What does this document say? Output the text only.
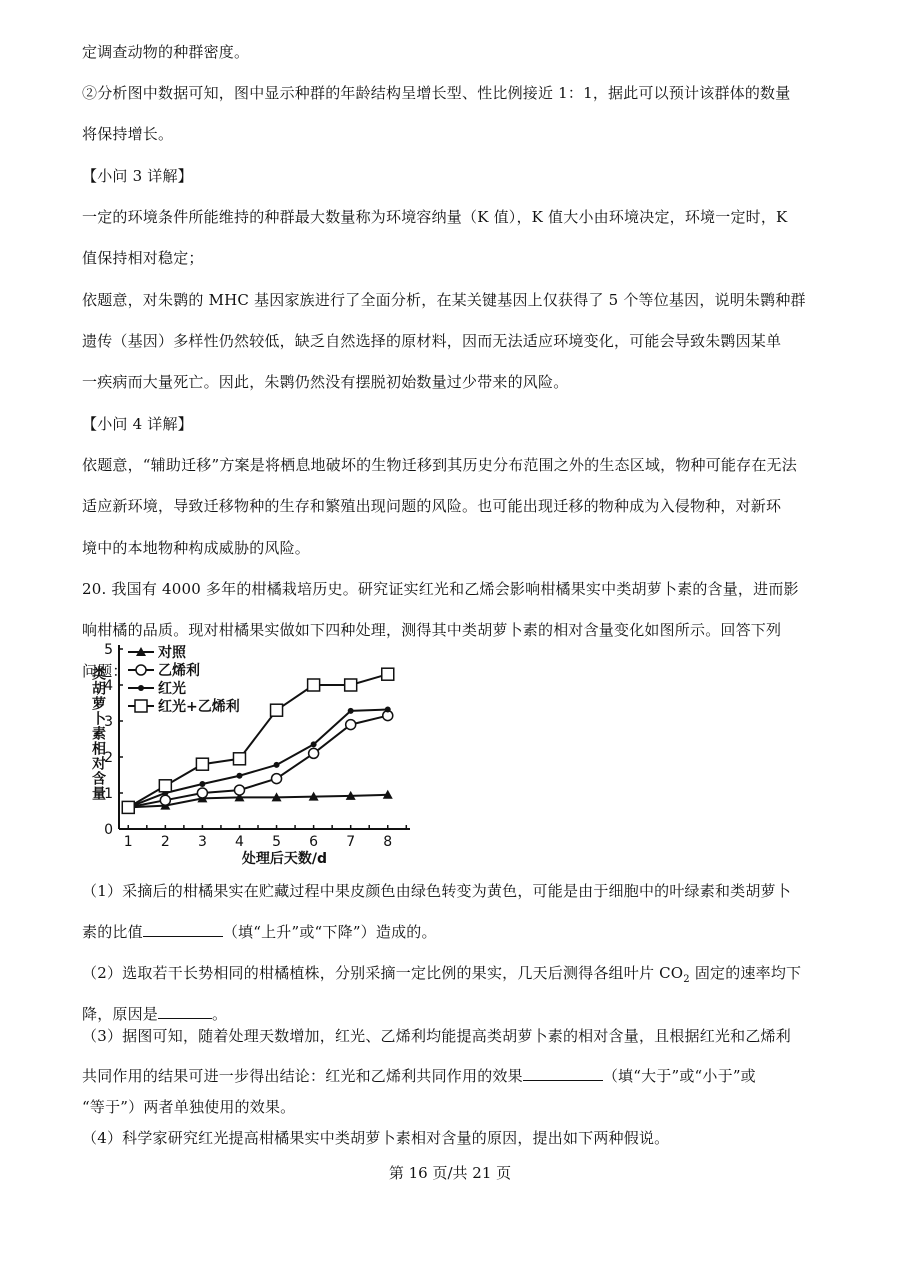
定调查动物的种群密度。
②分析图中数据可知，图中显示种群的年龄结构呈增长型、性比例接近 1：1，据此可以预计该群体的数量
将保持增长。
【小问 3 详解】
一定的环境条件所能维持的种群最大数量称为环境容纳量（K 值），K 值大小由环境决定，环境一定时，K
值保持相对稳定；
依题意，对朱鹮的 MHC 基因家族进行了全面分析，在某关键基因上仅获得了 5 个等位基因，说明朱鹮种群
遗传（基因）多样性仍然较低，缺乏自然选择的原材料，因而无法适应环境变化，可能会导致朱鹮因某单
一疾病而大量死亡。因此，朱鹮仍然没有摆脱初始数量过少带来的风险。
【小问 4 详解】
依题意，“辅助迁移”方案是将栖息地破坏的生物迁移到其历史分布范围之外的生态区域，物种可能存在无法
适应新环境，导致迁移物种的生存和繁殖出现问题的风险。也可能出现迁移的物种成为入侵物种，对新环
境中的本地物种构成威胁的风险。
20. 我国有 4000 多年的柑橘栽培历史。研究证实红光和乙烯会影响柑橘果实中类胡萝卜素的含量，进而影
响柑橘的品质。现对柑橘果实做如下四种处理，测得其中类胡萝卜素的相对含量变化如图所示。回答下列
问题：
0
1
2
3
4
5
1 2 3 4 5 6 7 8
处理后天数/d
类胡萝卜素相对含量
对照
乙烯利
红光
红光+乙烯利
（1）采摘后的柑橘果实在贮藏过程中果皮颜色由绿色转变为黄色，可能是由于细胞中的叶绿素和类胡萝卜
素的比值	（填“上升”或“下降”）造成的。
（2）选取若干长势相同的柑橘植株，分别采摘一定比例的果实，几天后测得各组叶片 $CO_2$ 固定的速率均下
降，原因是	。
（3）据图可知，随着处理天数增加，红光、乙烯利均能提高类胡萝卜素的相对含量，且根据红光和乙烯利
共同作用的结果可进一步得出结论：红光和乙烯利共同作用的效果	（填“大于”或“小于”或
“等于”）两者单独使用的效果。
（4）科学家研究红光提高柑橘果实中类胡萝卜素相对含量的原因，提出如下两种假说。
第 16 页/共 21 页
